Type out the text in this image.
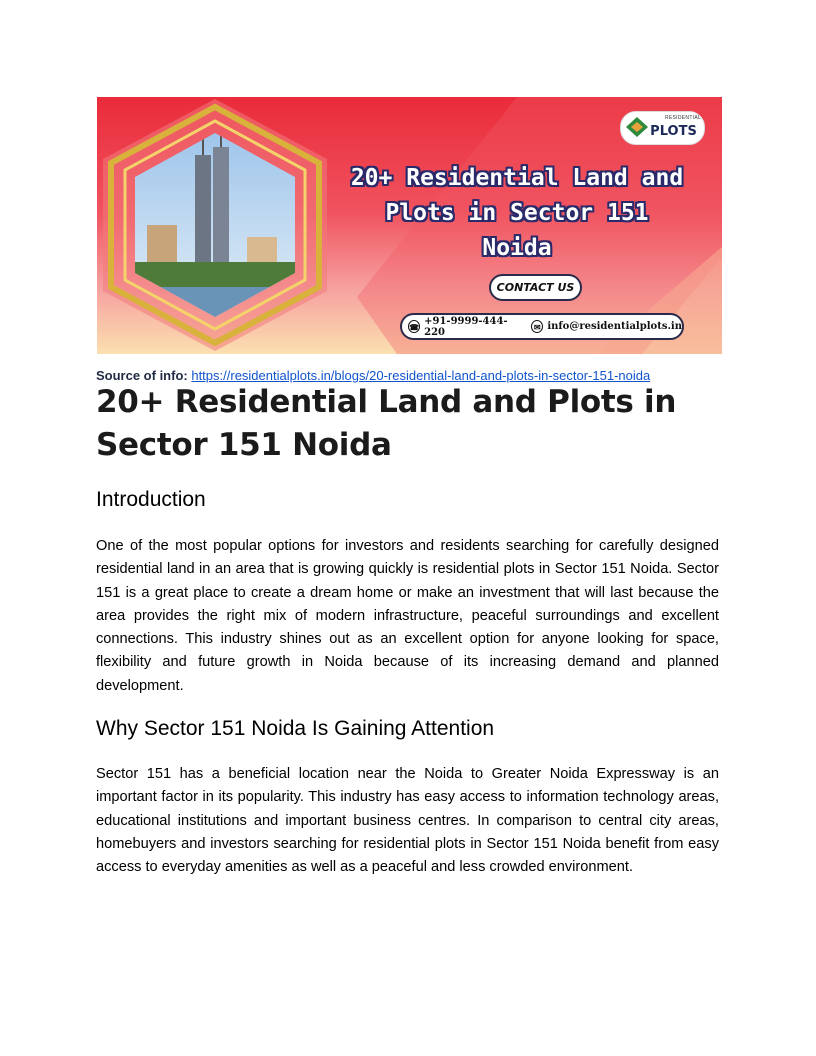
RESIDENTIAL
PLOTS
20+ Residential Land and Plots in Sector 151 Noida
CONTACT US
☎ +91-9999-444-220	✉ info@residentialplots.in
Source of info: https://residentialplots.in/blogs/20-residential-land-and-plots-in-sector-151-noida
20+ Residential Land and Plots in Sector 151 Noida
Introduction

One of the most popular options for investors and residents searching for carefully designed residential land in an area that is growing quickly is residential plots in Sector 151 Noida. Sector 151 is a great place to create a dream home or make an investment that will last because the area provides the right mix of modern infrastructure, peaceful surroundings and excellent connections. This industry shines out as an excellent option for anyone looking for space, flexibility and future growth in Noida because of its increasing demand and planned development.

Why Sector 151 Noida Is Gaining Attention

Sector 151 has a beneficial location near the Noida to Greater Noida Expressway is an important factor in its popularity. This industry has easy access to information technology areas, educational institutions and important business centres. In comparison to central city areas, homebuyers and investors searching for residential plots in Sector 151 Noida benefit from easy access to everyday amenities as well as a peaceful and less crowded environment.
